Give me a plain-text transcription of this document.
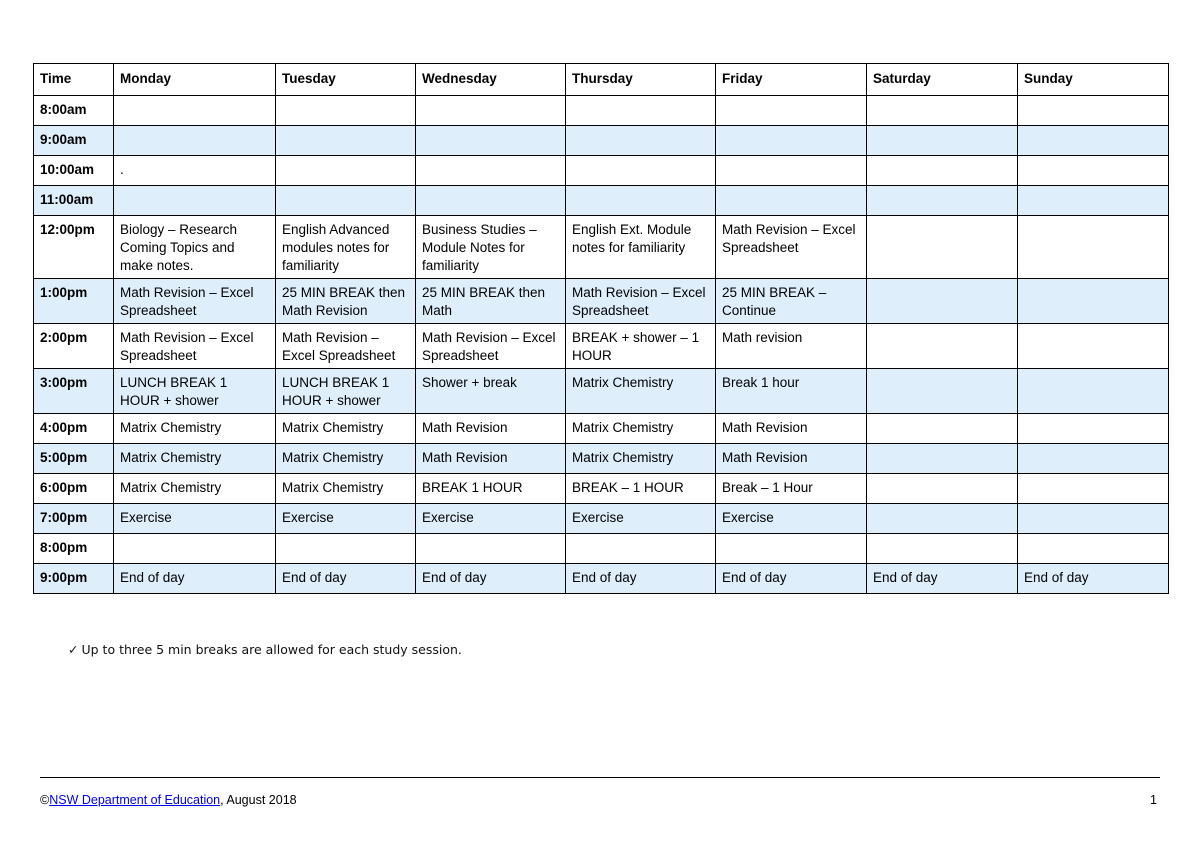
Time	Monday	Tuesday	Wednesday	Thursday	Friday	Saturday	Sunday
8:00am							
9:00am							
10:00am	.						
11:00am							
12:00pm	Biology – Research Coming Topics and make notes.	English Advanced modules notes for familiarity	Business Studies – Module Notes for familiarity	English Ext. Module notes for familiarity	Math Revision – Excel Spreadsheet		
1:00pm	Math Revision – Excel Spreadsheet	25 MIN BREAK then Math Revision	25 MIN BREAK then Math	Math Revision – Excel Spreadsheet	25 MIN BREAK – Continue		
2:00pm	Math Revision – Excel Spreadsheet	Math Revision – Excel Spreadsheet	Math Revision – Excel Spreadsheet	BREAK + shower – 1 HOUR	Math revision		
3:00pm	LUNCH BREAK 1 HOUR + shower	LUNCH BREAK 1 HOUR + shower	Shower + break	Matrix Chemistry	Break 1 hour		
4:00pm	Matrix Chemistry	Matrix Chemistry	Math Revision	Matrix Chemistry	Math Revision		
5:00pm	Matrix Chemistry	Matrix Chemistry	Math Revision	Matrix Chemistry	Math Revision		
6:00pm	Matrix Chemistry	Matrix Chemistry	BREAK 1 HOUR	BREAK – 1 HOUR	Break – 1 Hour		
7:00pm	Exercise	Exercise	Exercise	Exercise	Exercise		
8:00pm							
9:00pm	End of day	End of day	End of day	End of day	End of day	End of day	End of day
✓ Up to three 5 min breaks are allowed for each study session.
©NSW Department of Education, August 2018	1
